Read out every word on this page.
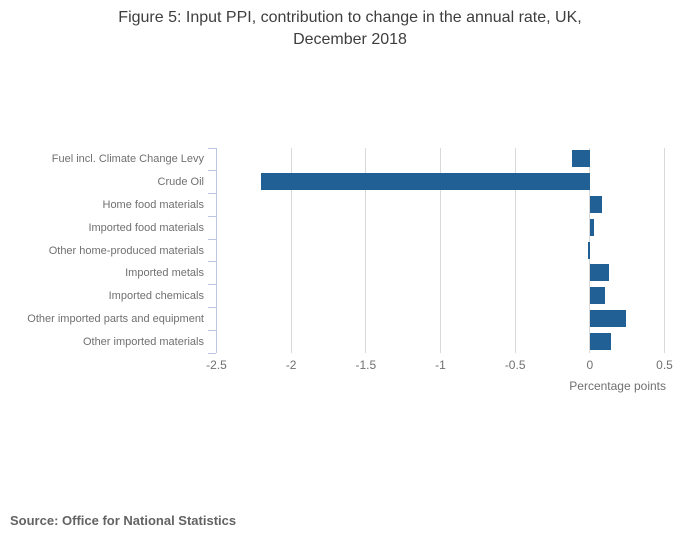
Figure 5: Input PPI, contribution to change in the annual rate, UK,
December 2018
Fuel incl. Climate Change Levy
Crude Oil
Home food materials
Imported food materials
Other home-produced materials
Imported metals
Imported chemicals
Other imported parts and equipment
Other imported materials
-2.5	-2	-1.5	-1	-0.5	0	0.5
Percentage points
Source: Office for National Statistics
